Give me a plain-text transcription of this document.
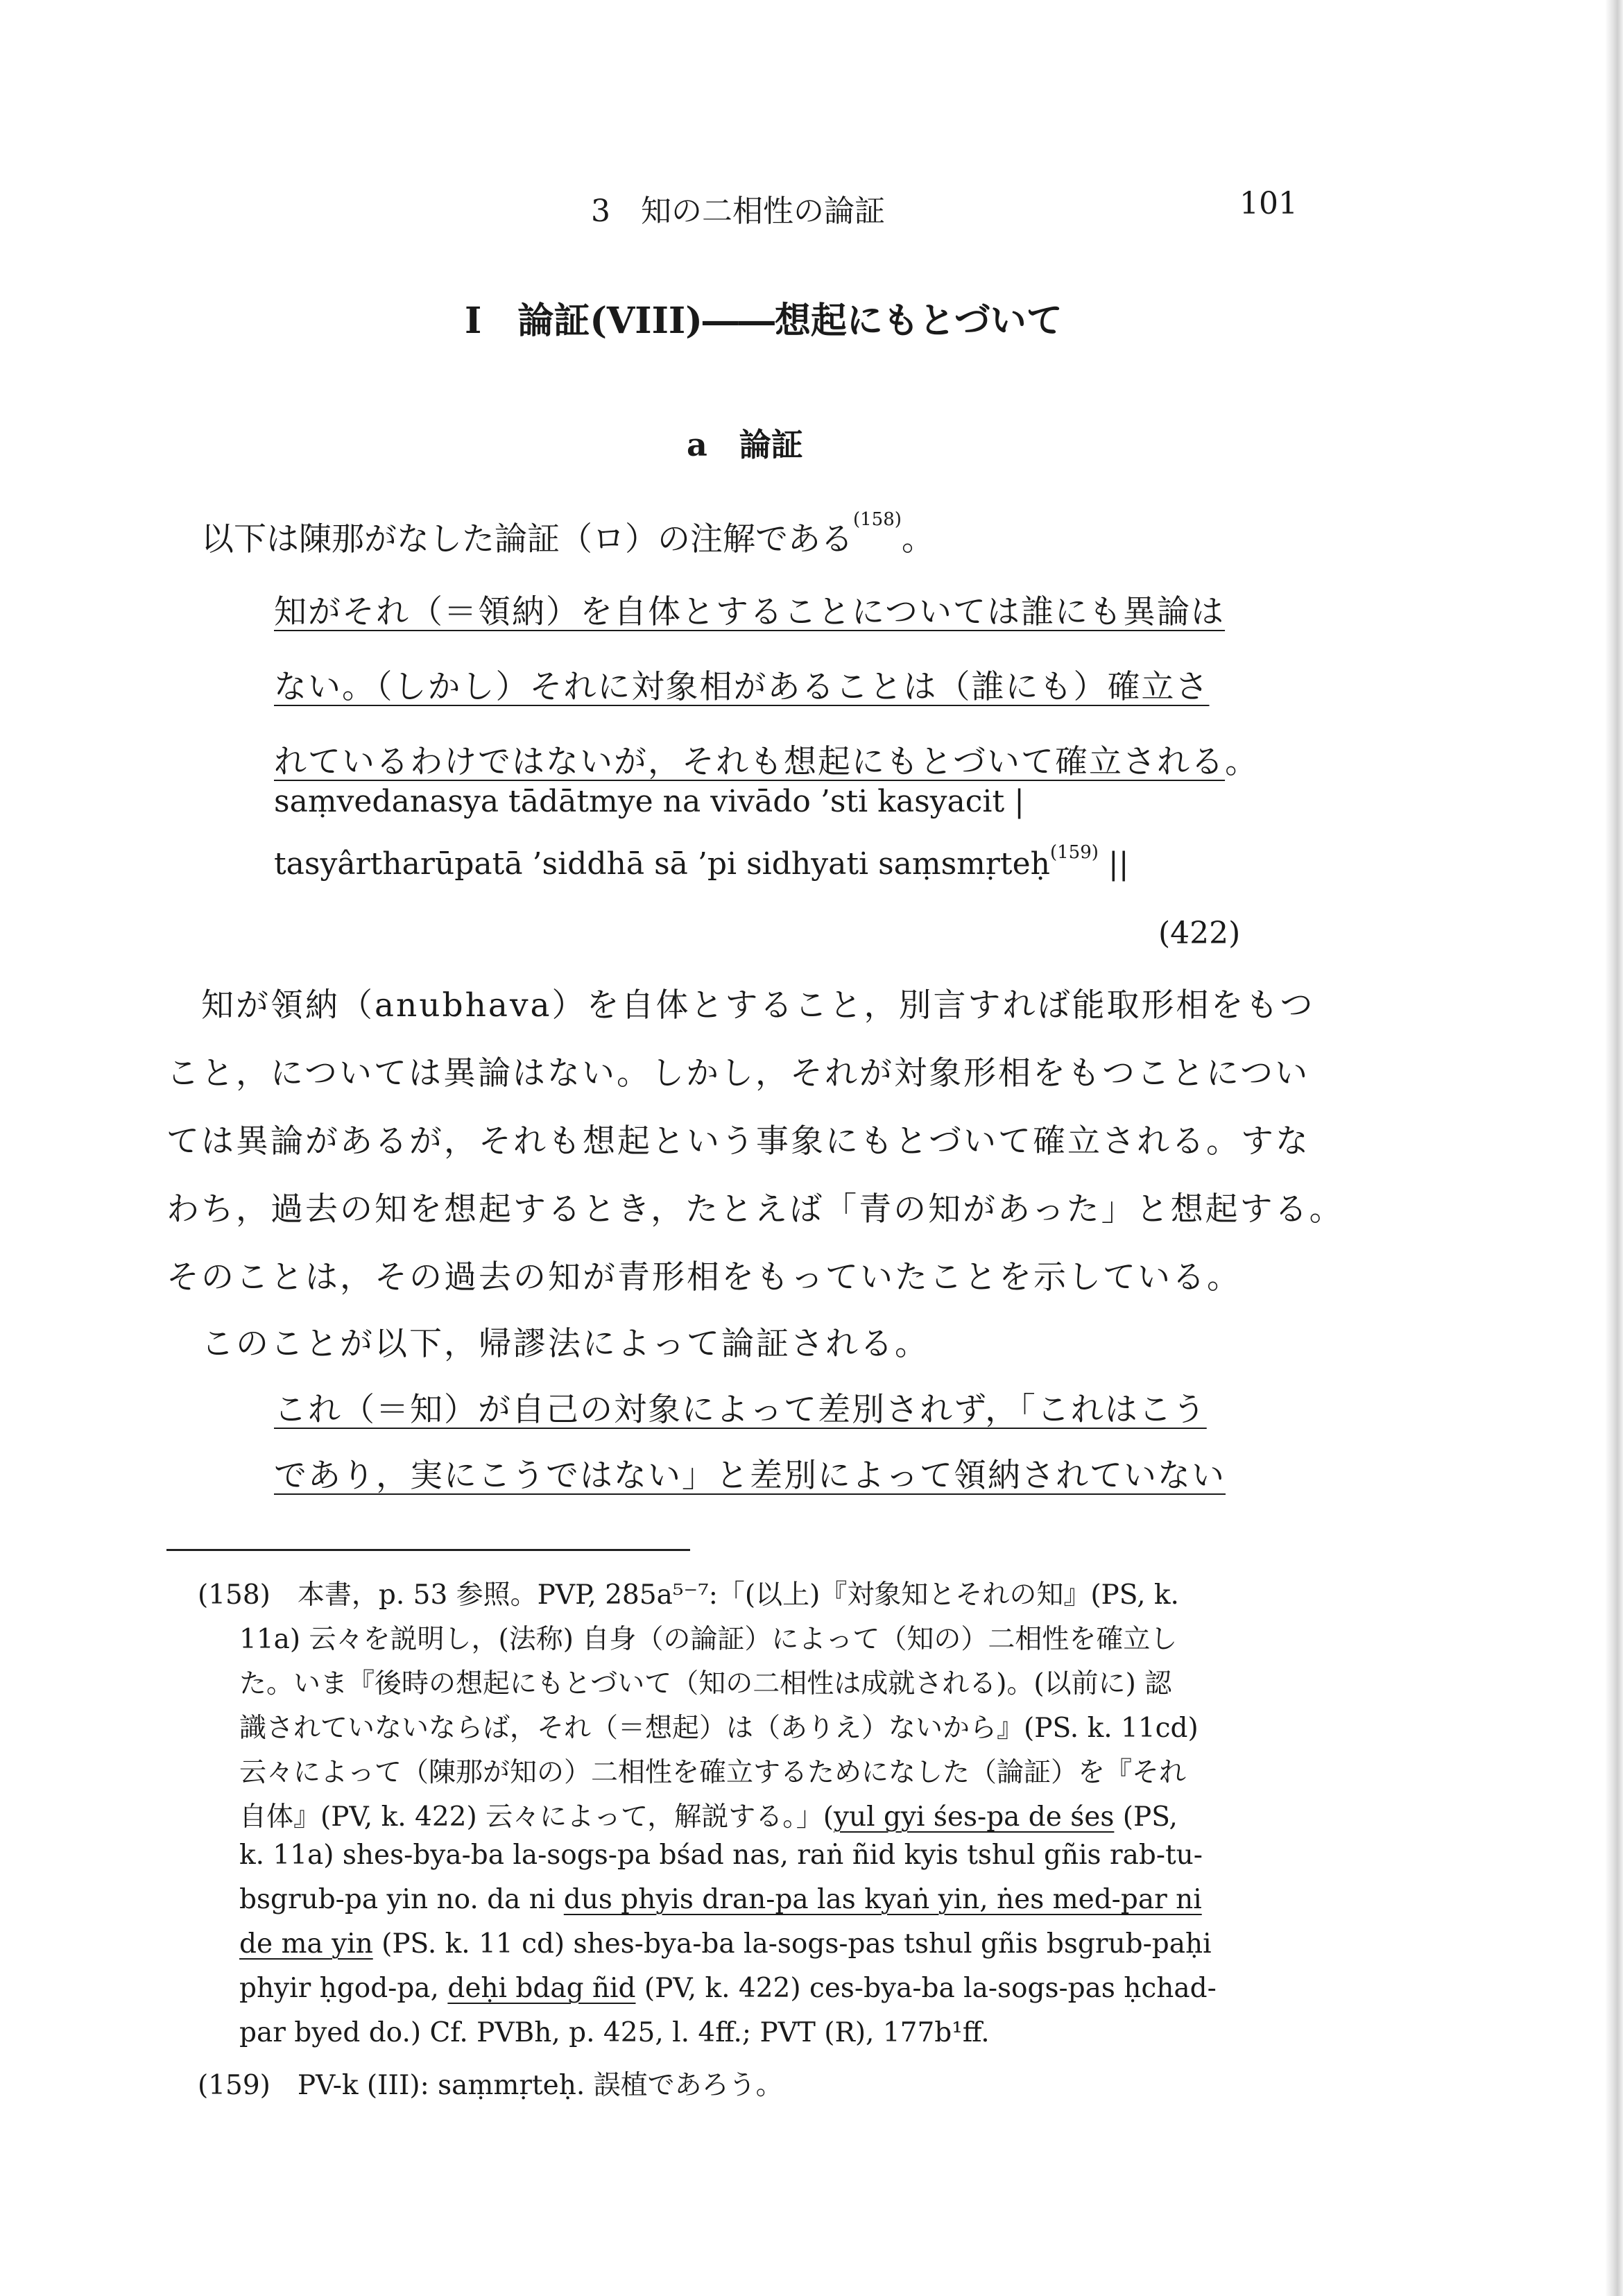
3　知の二相性の論証	101
I　論証(VIII)――想起にもとづいて
a　論証
以下は陳那がなした論証（ロ）の注解である$^{(158)}$。
知がそれ（＝領納）を自体とすることについては誰にも異論は
ない。（しかし）それに対象相があることは（誰にも）確立さ
れているわけではないが，それも想起にもとづいて確立される。
saṃvedanasya tādātmye na vivādo ’sti kasyacit |
tasyârtharūpatā ’siddhā sā ’pi sidhyati saṃsmṛteḥ$^{(159)}$ ||
(422)
知が領納（anubhava）を自体とすること，別言すれば能取形相をもつ
こと，については異論はない。しかし，それが対象形相をもつことについ
ては異論があるが，それも想起という事象にもとづいて確立される。すな
わち，過去の知を想起するとき，たとえば「青の知があった」と想起する。
そのことは，その過去の知が青形相をもっていたことを示している。
このことが以下，帰謬法によって論証される。
これ（＝知）が自己の対象によって差別されず，「これはこう
であり，実にこうではない」と差別によって領納されていない
(158)　 本書，p. 53 参照。PVP, 285a⁵⁻⁷:「(以上)『対象知とそれの知』(PS, k.
11a) 云々を説明し，(法称) 自身（の論証）によって（知の）二相性を確立し
た。いま『後時の想起にもとづいて（知の二相性は成就される)。(以前に) 認
識されていないならば，それ（＝想起）は（ありえ）ないから』(PS. k. 11cd)
云々によって（陳那が知の）二相性を確立するためになした（論証）を『それ
自体』(PV, k. 422) 云々によって，解説する。」(yul gyi śes-pa de śes (PS,
k. 11a) shes-bya-ba la-sogs-pa bśad nas, raṅ ñid kyis tshul gñis rab-tu-
bsgrub-pa yin no. da ni dus phyis dran-pa las kyaṅ yin, ṅes med-par ni
de ma yin (PS. k. 11 cd) shes-bya-ba la-sogs-pas tshul gñis bsgrub-paḥi
phyir ḥgod-pa, deḥi bdag ñid (PV, k. 422) ces-bya-ba la-sogs-pas ḥchad-
par byed do.) Cf. PVBh, p. 425, l. 4ff.; PVT (R), 177b¹ff.
(159)　 PV-k (III): saṃmṛteḥ. 誤植であろう。
